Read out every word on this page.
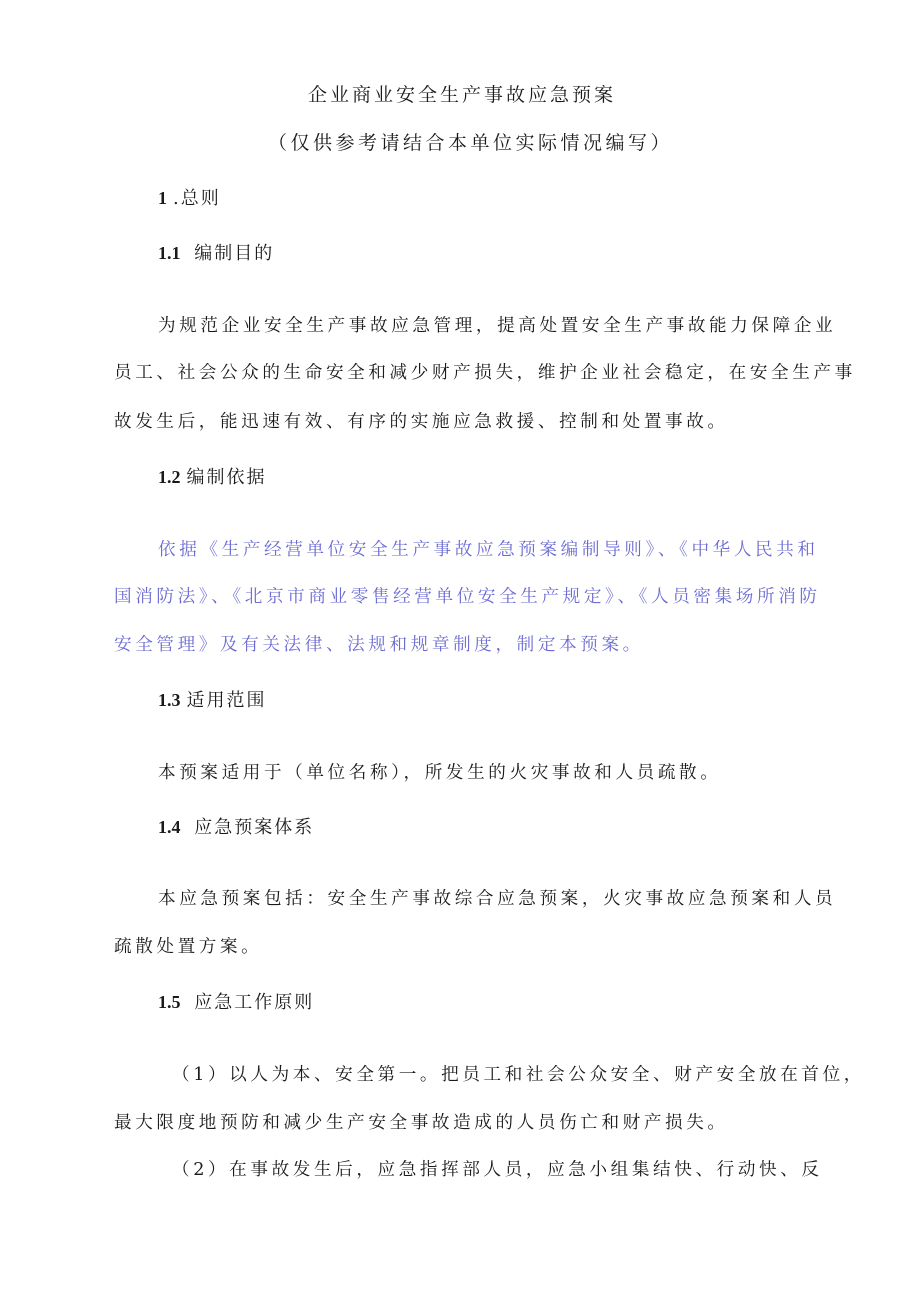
企业商业安全生产事故应急预案

（仅供参考请结合本单位实际情况编写）

1 .总则

1.1 编制目的

为规范企业安全生产事故应急管理，提高处置安全生产事故能力保障企业

员工、社会公众的生命安全和减少财产损失，维护企业社会稳定，在安全生产事

故发生后，能迅速有效、有序的实施应急救援、控制和处置事故。

1.2 编制依据

依据《生产经营单位安全生产事故应急预案编制导则》、《中华人民共和

国消防法》、《北京市商业零售经营单位安全生产规定》、《人员密集场所消防

安全管理》及有关法律、法规和规章制度，制定本预案。

1.3 适用范围

本预案适用于（单位名称），所发生的火灾事故和人员疏散。

1.4 应急预案体系

本应急预案包括：安全生产事故综合应急预案，火灾事故应急预案和人员

疏散处置方案。

1.5 应急工作原则

（1）以人为本、安全第一。把员工和社会公众安全、财产安全放在首位，

最大限度地预防和减少生产安全事故造成的人员伤亡和财产损失。

（2）在事故发生后，应急指挥部人员，应急小组集结快、行动快、反
